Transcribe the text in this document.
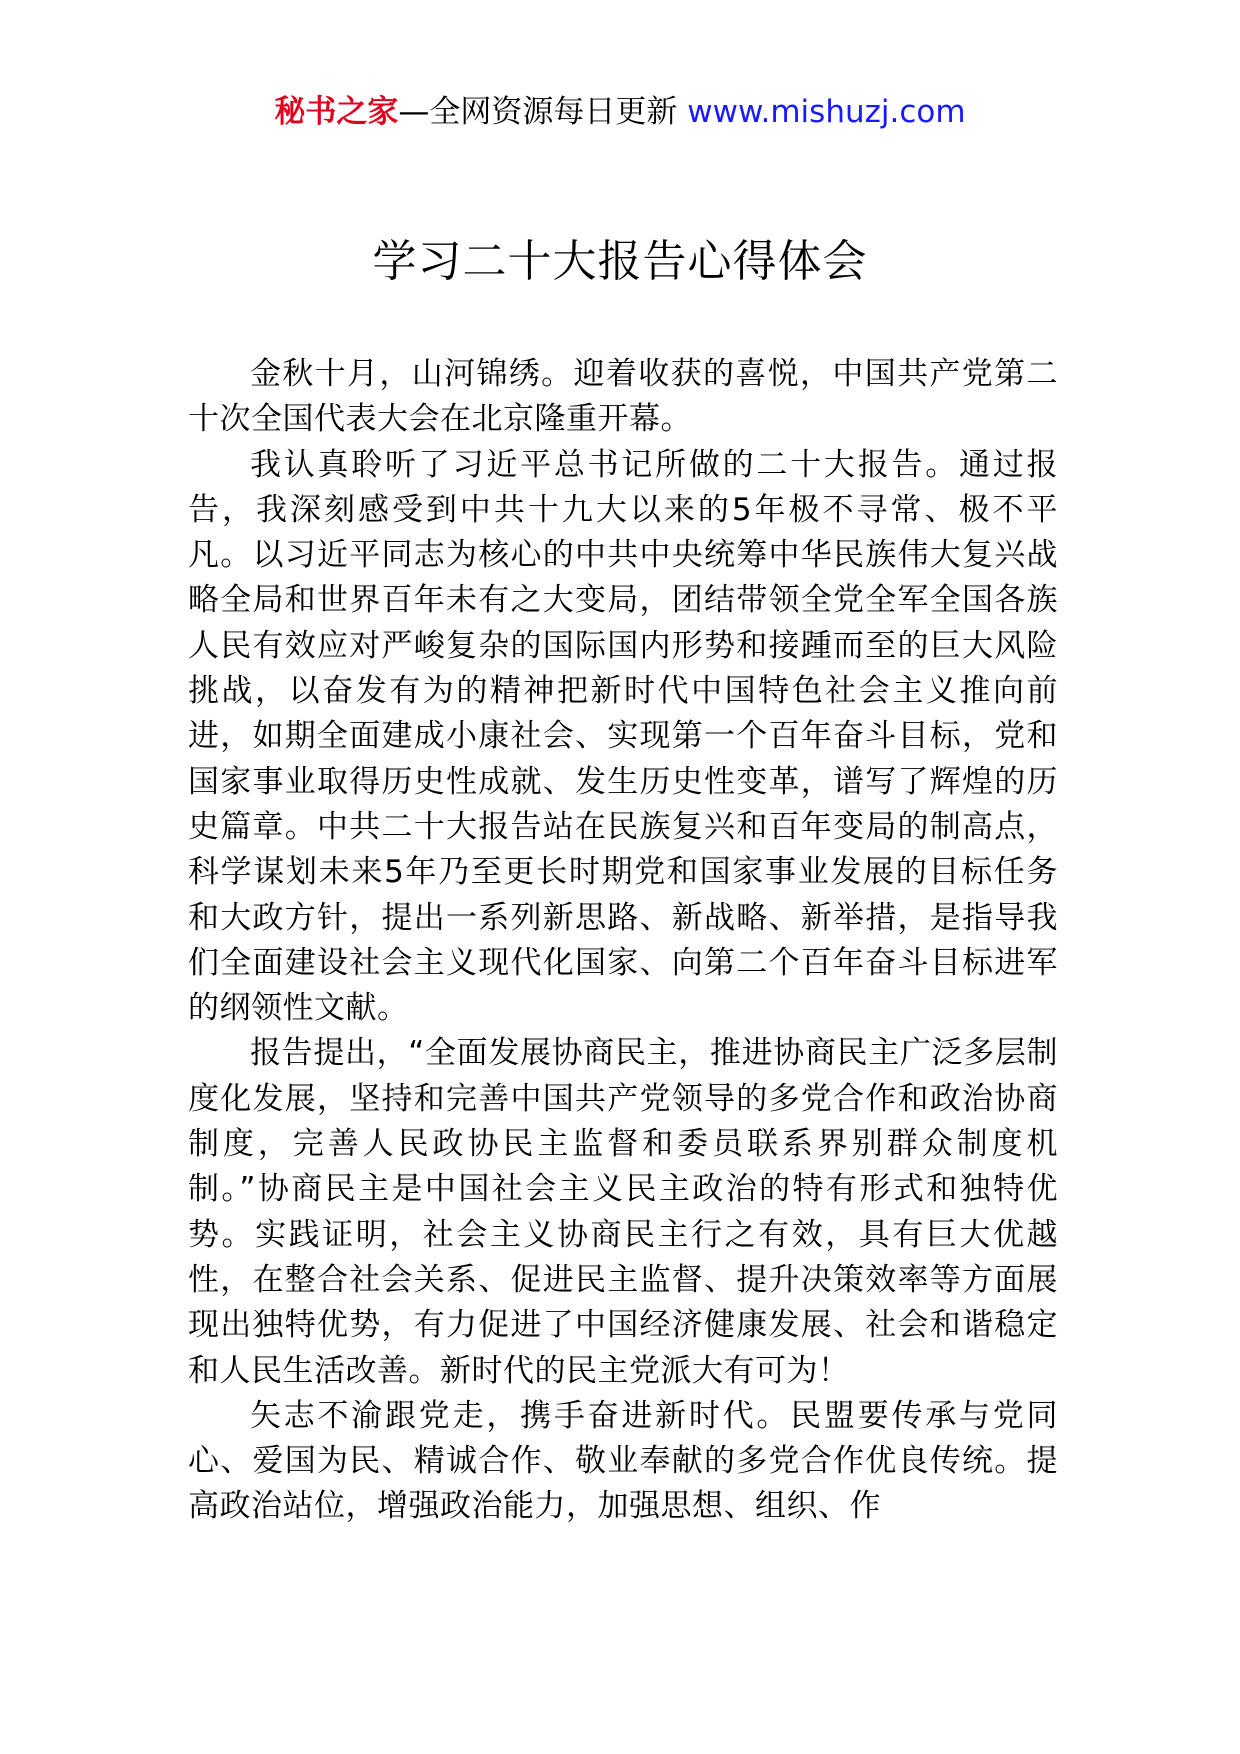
秘书之家—全网资源每日更新 www.mishuzj.com
学习二十大报告心得体会

金秋十月，山河锦绣。迎着收获的喜悦，中国共产党第二十次全国代表大会在北京隆重开幕。

我认真聆听了习近平总书记所做的二十大报告。通过报告，我深刻感受到中共十九大以来的5年极不寻常、极不平凡。以习近平同志为核心的中共中央统筹中华民族伟大复兴战略全局和世界百年未有之大变局，团结带领全党全军全国各族人民有效应对严峻复杂的国际国内形势和接踵而至的巨大风险挑战，以奋发有为的精神把新时代中国特色社会主义推向前进，如期全面建成小康社会、实现第一个百年奋斗目标，党和国家事业取得历史性成就、发生历史性变革，谱写了辉煌的历史篇章。中共二十大报告站在民族复兴和百年变局的制高点，科学谋划未来5年乃至更长时期党和国家事业发展的目标任务和大政方针，提出一系列新思路、新战略、新举措，是指导我们全面建设社会主义现代化国家、向第二个百年奋斗目标进军的纲领性文献。

报告提出，“全面发展协商民主，推进协商民主广泛多层制度化发展，坚持和完善中国共产党领导的多党合作和政治协商制度，完善人民政协民主监督和委员联系界别群众制度机制。”协商民主是中国社会主义民主政治的特有形式和独特优势。实践证明，社会主义协商民主行之有效，具有巨大优越性，在整合社会关系、促进民主监督、提升决策效率等方面展现出独特优势，有力促进了中国经济健康发展、社会和谐稳定和人民生活改善。新时代的民主党派大有可为！

矢志不渝跟党走，携手奋进新时代。民盟要传承与党同心、爱国为民、精诚合作、敬业奉献的多党合作优良传统。提高政治站位，增强政治能力，加强思想、组织、作
